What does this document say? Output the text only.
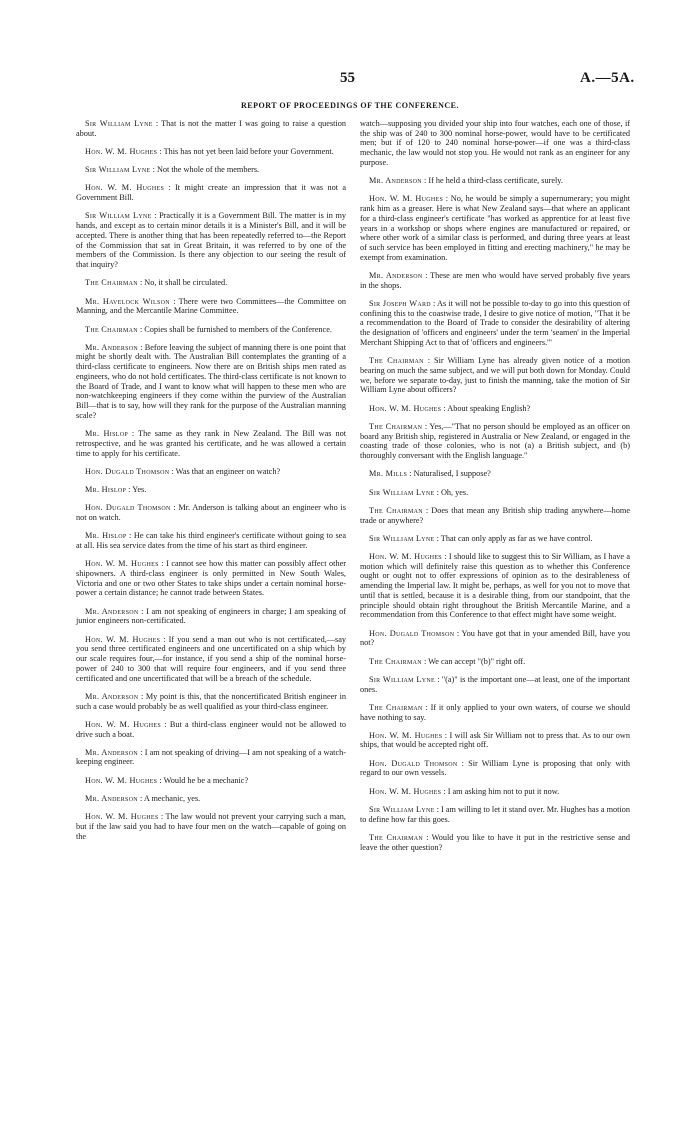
55	A.—5A.
REPORT OF PROCEEDINGS OF THE CONFERENCE.

Sir William Lyne : That is not the matter I was going to raise a question about.

Hon. W. M. Hughes : This has not yet been laid before your Government.

Sir William Lyne : Not the whole of the members.

Hon. W. M. Hughes : It might create an impression that it was not a Government Bill.

Sir William Lyne : Practically it is a Government Bill. The matter is in my hands, and except as to certain minor details it is a Minister's Bill, and it will be accepted. There is another thing that has been repeatedly referred to—the Report of the Commission that sat in Great Britain, it was referred to by one of the members of the Commission. Is there any objection to our seeing the result of that inquiry?

The Chairman : No, it shall be circulated.

Mr. Havelock Wilson : There were two Committees—the Committee on Manning, and the Mercantile Marine Committee.

The Chairman : Copies shall be furnished to members of the Conference.

Mr. Anderson : Before leaving the subject of manning there is one point that might be shortly dealt with. The Australian Bill contemplates the granting of a third-class certificate to engineers. Now there are on British ships men rated as engineers, who do not hold certificates. The third-class certificate is not known to the Board of Trade, and I want to know what will happen to these men who are non-watchkeeping engineers if they come within the purview of the Australian Bill—that is to say, how will they rank for the purpose of the Australian manning scale?

Mr. Hislop : The same as they rank in New Zealand. The Bill was not retrospective, and he was granted his certificate, and he was allowed a certain time to apply for his certificate.

Hon. Dugald Thomson : Was that an engineer on watch?

Mr. Hislop : Yes.

Hon. Dugald Thomson : Mr. Anderson is talking about an engineer who is not on watch.

Mr. Hislop : He can take his third engineer's certificate without going to sea at all. His sea service dates from the time of his start as third engineer.

Hon. W. M. Hughes : I cannot see how this matter can possibly affect other shipowners. A third-class engineer is only permitted in New South Wales, Victoria and one or two other States to take ships under a certain nominal horse-power a certain distance; he cannot trade between States.

Mr. Anderson : I am not speaking of engineers in charge; I am speaking of junior engineers non-certificated.

Hon. W. M. Hughes : If you send a man out who is not certificated,—say you send three certificated engineers and one uncertificated on a ship which by our scale requires four,—for instance, if you send a ship of the nominal horse-power of 240 to 300 that will require four engineers, and if you send three certificated and one uncertificated that will be a breach of the schedule.

Mr. Anderson : My point is this, that the noncertificated British engineer in such a case would probably be as well qualified as your third-class engineer.

Hon. W. M. Hughes : But a third-class engineer would not be allowed to drive such a boat.

Mr. Anderson : I am not speaking of driving—I am not speaking of a watch-keeping engineer.

Hon. W. M. Hughes : Would he be a mechanic?

Mr. Anderson : A mechanic, yes.

Hon. W. M. Hughes : The law would not prevent your carrying such a man, but if the law said you had to have four men on the watch—capable of going on the

watch—supposing you divided your ship into four watches, each one of those, if the ship was of 240 to 300 nominal horse-power, would have to be certificated men; but if of 120 to 240 nominal horse-power—if one was a third-class mechanic, the law would not stop you. He would not rank as an engineer for any purpose.

Mr. Anderson : If he held a third-class certificate, surely.

Hon. W. M. Hughes : No, he would be simply a supernumerary; you might rank him as a greaser. Here is what New Zealand says—that where an applicant for a third-class engineer's certificate "has worked as apprentice for at least five years in a workshop or shops where engines are manufactured or repaired, or where other work of a similar class is performed, and during three years at least of such service has been employed in fitting and erecting machinery," he may be exempt from examination.

Mr. Anderson : These are men who would have served probably five years in the shops.

Sir Joseph Ward : As it will not be possible to-day to go into this question of confining this to the coastwise trade, I desire to give notice of motion, "That it be a recommendation to the Board of Trade to consider the desirability of altering the designation of 'officers and engineers' under the term 'seamen' in the Imperial Merchant Shipping Act to that of 'officers and engineers.'"

The Chairman : Sir William Lyne has already given notice of a motion bearing on much the same subject, and we will put both down for Monday. Could we, before we separate to-day, just to finish the manning, take the motion of Sir William Lyne about officers?

Hon. W. M. Hughes : About speaking English?

The Chairman : Yes,—"That no person should be employed as an officer on board any British ship, registered in Australia or New Zealand, or engaged in the coasting trade of those colonies, who is not (a) a British subject, and (b) thoroughly conversant with the English language."

Mr. Mills : Naturalised, I suppose?

Sir William Lyne : Oh, yes.

The Chairman : Does that mean any British ship trading anywhere—home trade or anywhere?

Sir William Lyne : That can only apply as far as we have control.

Hon. W. M. Hughes : I should like to suggest this to Sir William, as I have a motion which will definitely raise this question as to whether this Conference ought or ought not to offer expressions of opinion as to the desirableness of amending the Imperial law. It might be, perhaps, as well for you not to move that until that is settled, because it is a desirable thing, from our standpoint, that the principle should obtain right throughout the British Mercantile Marine, and a recommendation from this Conference to that effect might have some weight.

Hon. Dugald Thomson : You have got that in your amended Bill, have you not?

The Chairman : We can accept "(b)" right off.

Sir William Lyne : "(a)" is the important one—at least, one of the important ones.

The Chairman : If it only applied to your own waters, of course we should have nothing to say.

Hon. W. M. Hughes : I will ask Sir William not to press that. As to our own ships, that would be accepted right off.

Hon. Dugald Thomson : Sir William Lyne is proposing that only with regard to our own vessels.

Hon. W. M. Hughes : I am asking him not to put it now.

Sir William Lyne : I am willing to let it stand over. Mr. Hughes has a motion to define how far this goes.

The Chairman : Would you like to have it put in the restrictive sense and leave the other question?
